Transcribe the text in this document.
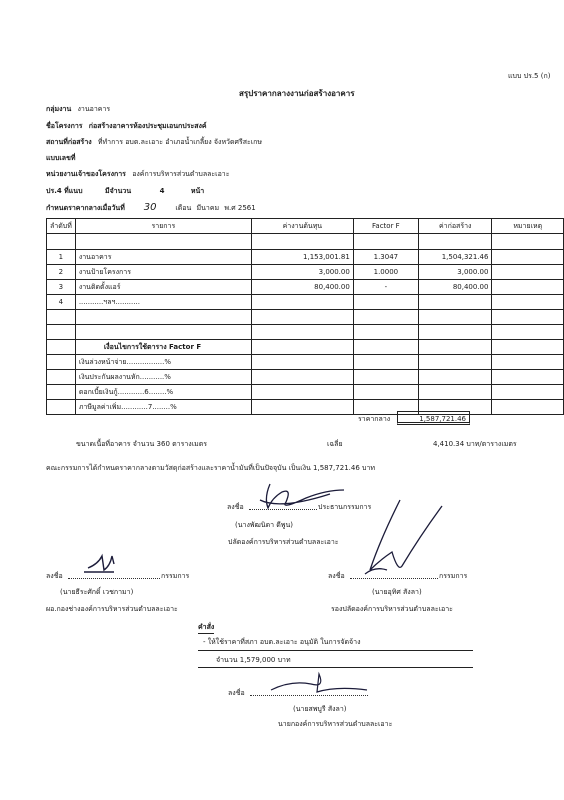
แบบ ปร.5 (ก)
สรุปราคากลางงานก่อสร้างอาคาร
กลุ่มงาน งานอาคาร
ชื่อโครงการ ก่อสร้างอาคารห้องประชุมเอนกประสงค์
สถานที่ก่อสร้าง ที่ทำการ อบต.ละเอาะ อำเภอน้ำเกลี้ยง จังหวัดศรีสะเกษ
แบบเลขที่
หน่วยงานเจ้าของโครงการ องค์การบริหารส่วนตำบลละเอาะ
ปร.4 ที่แนบ	มีจำนวน	4	หน้า
กำหนดราคากลางเมื่อวันที่ 30	เดือน มีนาคม พ.ศ 2561
ลำดับที่	รายการ	ค่างานต้นทุน	Factor F	ค่าก่อสร้าง	หมายเหตุ

1	งานอาคาร	1,153,001.81	1.3047	1,504,321.46	
2	งานป้ายโครงการ	3,000.00	1.0000	3,000.00	
3	งานติดตั้งแอร์	80,400.00	-	80,400.00	
4	...........ฯลฯ...........				

	เงื่อนไขการใช้ตาราง Factor F				
	เงินล่วงหน้าจ่าย.................%				
	เงินประกันผลงานหัก...........%				
	ดอกเบี้ยเงินกู้............6........%				
	ภาษีมูลค่าเพิ่ม............7........%				
ราคากลาง	1,587,721.46
ขนาดเนื้อที่อาคาร จำนวน 360 ตารางเมตร	เฉลี่ย	4,410.34 บาท/ตารางเมตร
คณะกรรมการได้กำหนดราคากลางตามวัสดุก่อสร้างและราคาน้ำมันที่เป็นปัจจุบัน เป็นเงิน 1,587,721.46 บาท
ลงชื่อ	ประธานกรรมการ
(นางพัฒนิดา ดีพูน)
ปลัดองค์การบริหารส่วนตำบลละเอาะ
ลงชื่อ	กรรมการ
(นายธีระศักดิ์ เวชกามา)
ผอ.กองช่างองค์การบริหารส่วนตำบลละเอาะ
ลงชื่อ	กรรมการ
(นายอุทิศ สังลา)
รองปลัดองค์การบริหารส่วนตำบลละเอาะ
คำสั่ง
- ให้ใช้ราคาที่สภา อบต.ละเอาะ อนุมัติ ในการจัดจ้าง
จำนวน 1,579,000 บาท
ลงชื่อ
(นายสพบูรี สังลา)
นายกองค์การบริหารส่วนตำบลละเอาะ
